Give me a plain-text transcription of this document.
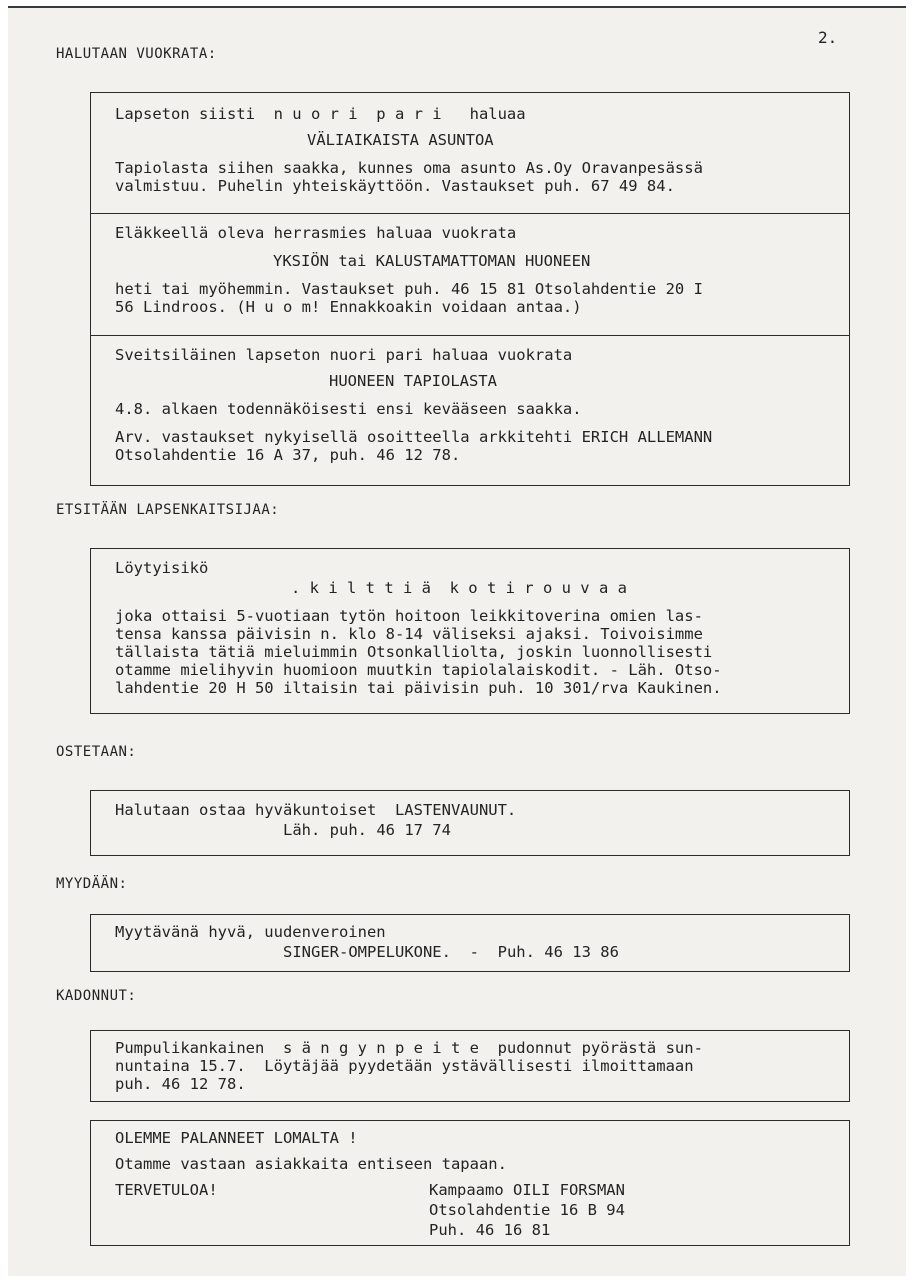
2.
HALUTAAN VUOKRATA:
Lapseton siisti  n u o r i  p a r i   haluaa
VÄLIAIKAISTA ASUNTOA
Tapiolasta siihen saakka, kunnes oma asunto As.Oy Oravanpesässä
valmistuu. Puhelin yhteiskäyttöön. Vastaukset puh. 67 49 84.
Eläkkeellä oleva herrasmies haluaa vuokrata
YKSIÖN tai KALUSTAMATTOMAN HUONEEN
heti tai myöhemmin. Vastaukset puh. 46 15 81 Otsolahdentie 20 I
56 Lindroos. (H u o m! Ennakkoakin voidaan antaa.)
Sveitsiläinen lapseton nuori pari haluaa vuokrata
HUONEEN TAPIOLASTA
4.8. alkaen todennäköisesti ensi kevääseen saakka.
Arv. vastaukset nykyisellä osoitteella arkkitehti ERICH ALLEMANN
Otsolahdentie 16 A 37, puh. 46 12 78.
ETSITÄÄN LAPSENKAITSIJAA:
Löytyisikö
. k i l t t i ä  k o t i r o u v a a
joka ottaisi 5-vuotiaan tytön hoitoon leikkitoverina omien las-
tensa kanssa päivisin n. klo 8-14 väliseksi ajaksi. Toivoisimme
tällaista tätiä mieluimmin Otsonkalliolta, joskin luonnollisesti
otamme mielihyvin huomioon muutkin tapiolalaiskodit. - Läh. Otso-
lahdentie 20 H 50 iltaisin tai päivisin puh. 10 301/rva Kaukinen.
OSTETAAN:
Halutaan ostaa hyväkuntoiset  LASTENVAUNUT.
Läh. puh. 46 17 74
MYYDÄÄN:
Myytävänä hyvä, uudenveroinen
SINGER-OMPELUKONE.  -  Puh. 46 13 86
KADONNUT:
Pumpulikankainen  s ä n g y n p e i t e  pudonnut pyörästä sun-
nuntaina 15.7.  Löytäjää pyydetään ystävällisesti ilmoittamaan
puh. 46 12 78.
OLEMME PALANNEET LOMALTA !
Otamme vastaan asiakkaita entiseen tapaan.
TERVETULOA!	Kampaamo OILI FORSMAN
Otsolahdentie 16 B 94
Puh. 46 16 81
